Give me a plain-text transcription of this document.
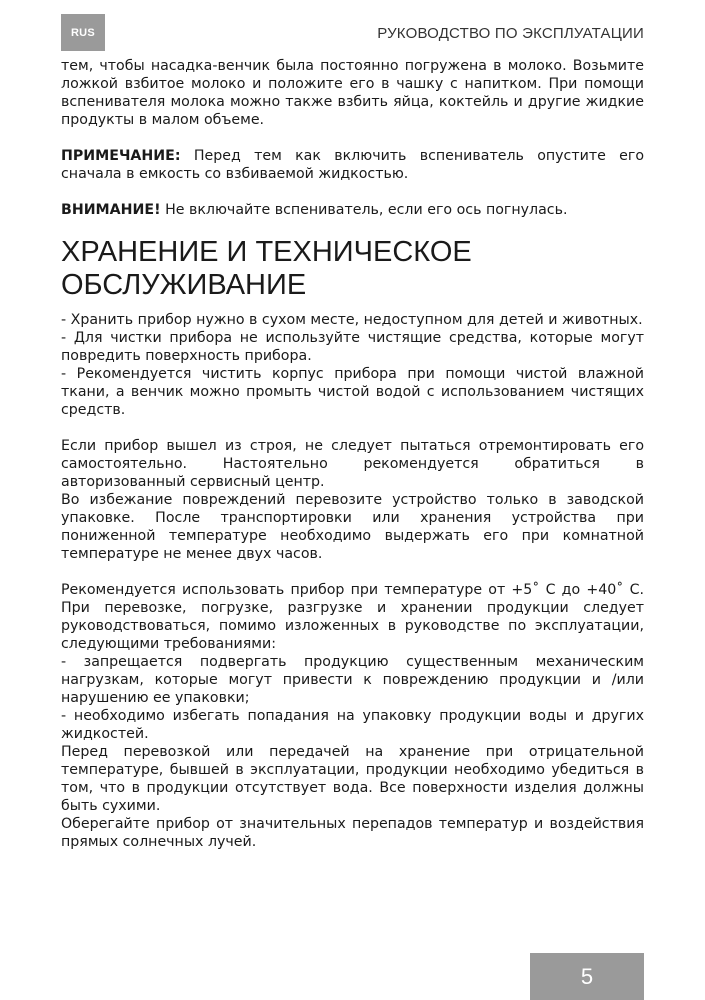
RUS	РУКОВОДСТВО ПО ЭКСПЛУАТАЦИИ

тем, чтобы насадка-венчик была постоянно погружена в молоко. Возьмите ложкой взбитое молоко и положите его в чашку с напитком. При помощи вспенивателя молока можно также взбить яйца, коктейль и другие жидкие продукты в малом объеме.

ПРИМЕЧАНИЕ: Перед тем как включить вспениватель опустите его сначала в емкость со взбиваемой жидкостью.

ВНИМАНИЕ! Не включайте вспениватель, если его ось погнулась.

ХРАНЕНИЕ И ТЕХНИЧЕСКОЕ
ОБСЛУЖИВАНИЕ

- Хранить прибор нужно в сухом месте, недоступном для детей и животных.

- Для чистки прибора не используйте чистящие средства, которые могут повредить поверхность прибора.

- Рекомендуется чистить корпус прибора при помощи чистой влажной ткани, а венчик можно промыть чистой водой с использованием чистящих средств.

Если прибор вышел из строя, не следует пытаться отремонтировать его самостоятельно. Настоятельно рекомендуется обратиться в авторизованный сервисный центр.

Во избежание повреждений перевозите устройство только в заводской упаковке. После транспортировки или хранения устройства при пониженной температуре необходимо выдержать его при комнатной температуре не менее двух часов.

Рекомендуется использовать прибор при температуре от +5˚ С до +40˚ С. При перевозке, погрузке, разгрузке и хранении продукции следует руководствоваться, помимо изложенных в руководстве по эксплуатации, следующими требованиями:

- запрещается подвергать продукцию существенным механическим нагрузкам, которые могут привести к повреждению продукции и /или нарушению ее упаковки;

- необходимо избегать попадания на упаковку продукции воды и других жидкостей.

Перед перевозкой или передачей на хранение при отрицательной температуре, бывшей в эксплуатации, продукции необходимо убедиться в том, что в продукции отсутствует вода. Все поверхности изделия должны быть сухими.

Оберегайте прибор от значительных перепадов температур и воздействия прямых солнечных лучей.

5
